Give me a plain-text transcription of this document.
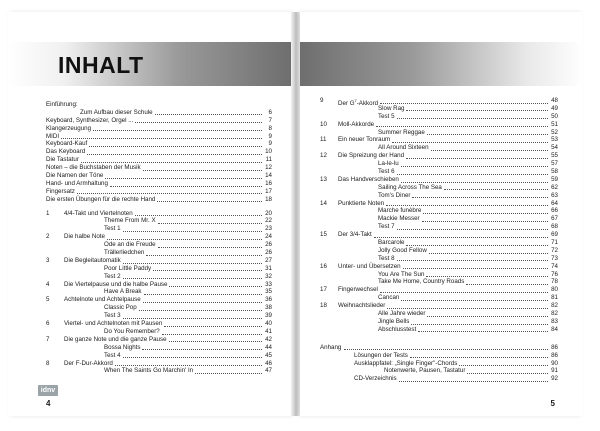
INHALT
Einführung:
Zum Aufbau dieser Schule	6
Keyboard, Synthesizer, Orgel ...	7
Klangerzeugung	8
MIDI	9
Keyboard-Kauf	9
Das Keyboard	10
Die Tastatur	11
Noten – die Buchstaben der Musik	12
Die Namen der Töne	14
Hand- und Armhaltung	16
Fingersatz	17
Die ersten Übungen für die rechte Hand	18
1 4/4-Takt und Viertelnoten	20
Theme From Mr. X	22
Test 1	23
2 Die halbe Note	24
Ode an die Freude	26
Trällerliedchen	26
3 Die Begleitautomatik	27
Poor Little Paddy	31
Test 2	32
4 Die Viertelpause und die halbe Pause	33
Have A Break	35
5 Achtelnote und Achtelpause	36
Classic Pop	38
Test 3	39
6 Viertel- und Achtelnoten mit Pausen	40
Do You Remember?	41
7 Die ganze Note und die ganze Pause	42
Bossa Nights	44
Test 4	45
8 Der F-Dur-Akkord	46
When The Saints Go Marchin' In	47
idnv
4
9 Der $G^7$-Akkord	48
Slow Rag	49
Test 5	50
10 Moll-Akkorde	51
Summer Reggae	52
11 Ein neuer Tonraum	53
All Around Sixteen	54
12 Die Spreizung der Hand	55
La-le-lu	57
Test 6	58
13 Das Handverschieben	59
Sailing Across The Sea	62
Tom's Diner	63
14 Punktierte Noten	64
Marche funèbre	66
Mackie Messer	67
Test 7	68
15 Der 3/4-Takt	69
Barcarole	71
Jolly Good Fellow	72
Test 8	73
16 Unter- und Übersetzen	74
You Are The Sun	76
Take Me Home, Country Roads	78
17 Fingerwechsel	80
Cancan	81
18 Weihnachtslieder	82
Alle Jahre wieder	82
Jingle Bells	83
Abschlusstest	84
Anhang	86
Lösungen der Tests	86
Ausklappfatel: „Single Finger"-Chords	90
Notenwerte, Pausen, Tastatur	91
CD-Verzeichnis	92
5
